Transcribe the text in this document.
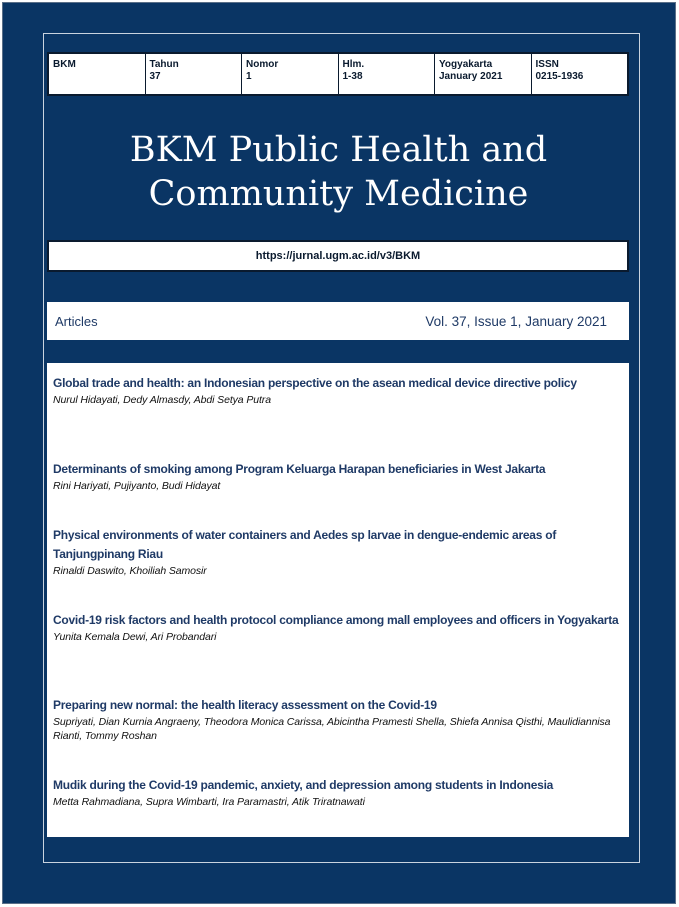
BKM	Tahun
37
Nomor
1
Hlm.
1-38
Yogyakarta
January 2021
ISSN
0215-1936
BKM Public Health and
Community Medicine
https://jurnal.ugm.ac.id/v3/BKM
Articles	Vol. 37, Issue 1, January 2021
Global trade and health: an Indonesian perspective on the asean medical device directive policy
Nurul Hidayati, Dedy Almasdy, Abdi Setya Putra
Determinants of smoking among Program Keluarga Harapan beneficiaries in West Jakarta
Rini Hariyati, Pujiyanto, Budi Hidayat
Physical environments of water containers and Aedes sp larvae in dengue-endemic areas of Tanjungpinang Riau
Rinaldi Daswito, Khoiliah Samosir
Covid-19 risk factors and health protocol compliance among mall employees and officers in Yogyakarta
Yunita Kemala Dewi, Ari Probandari
Preparing new normal: the health literacy assessment on the Covid-19
Supriyati, Dian Kurnia Angraeny, Theodora Monica Carissa, Abicintha Pramesti Shella, Shiefa Annisa Qisthi, Maulidiannisa Rianti, Tommy Roshan
Mudik during the Covid-19 pandemic, anxiety, and depression among students in Indonesia
Metta Rahmadiana, Supra Wimbarti, Ira Paramastri, Atik Triratnawati
